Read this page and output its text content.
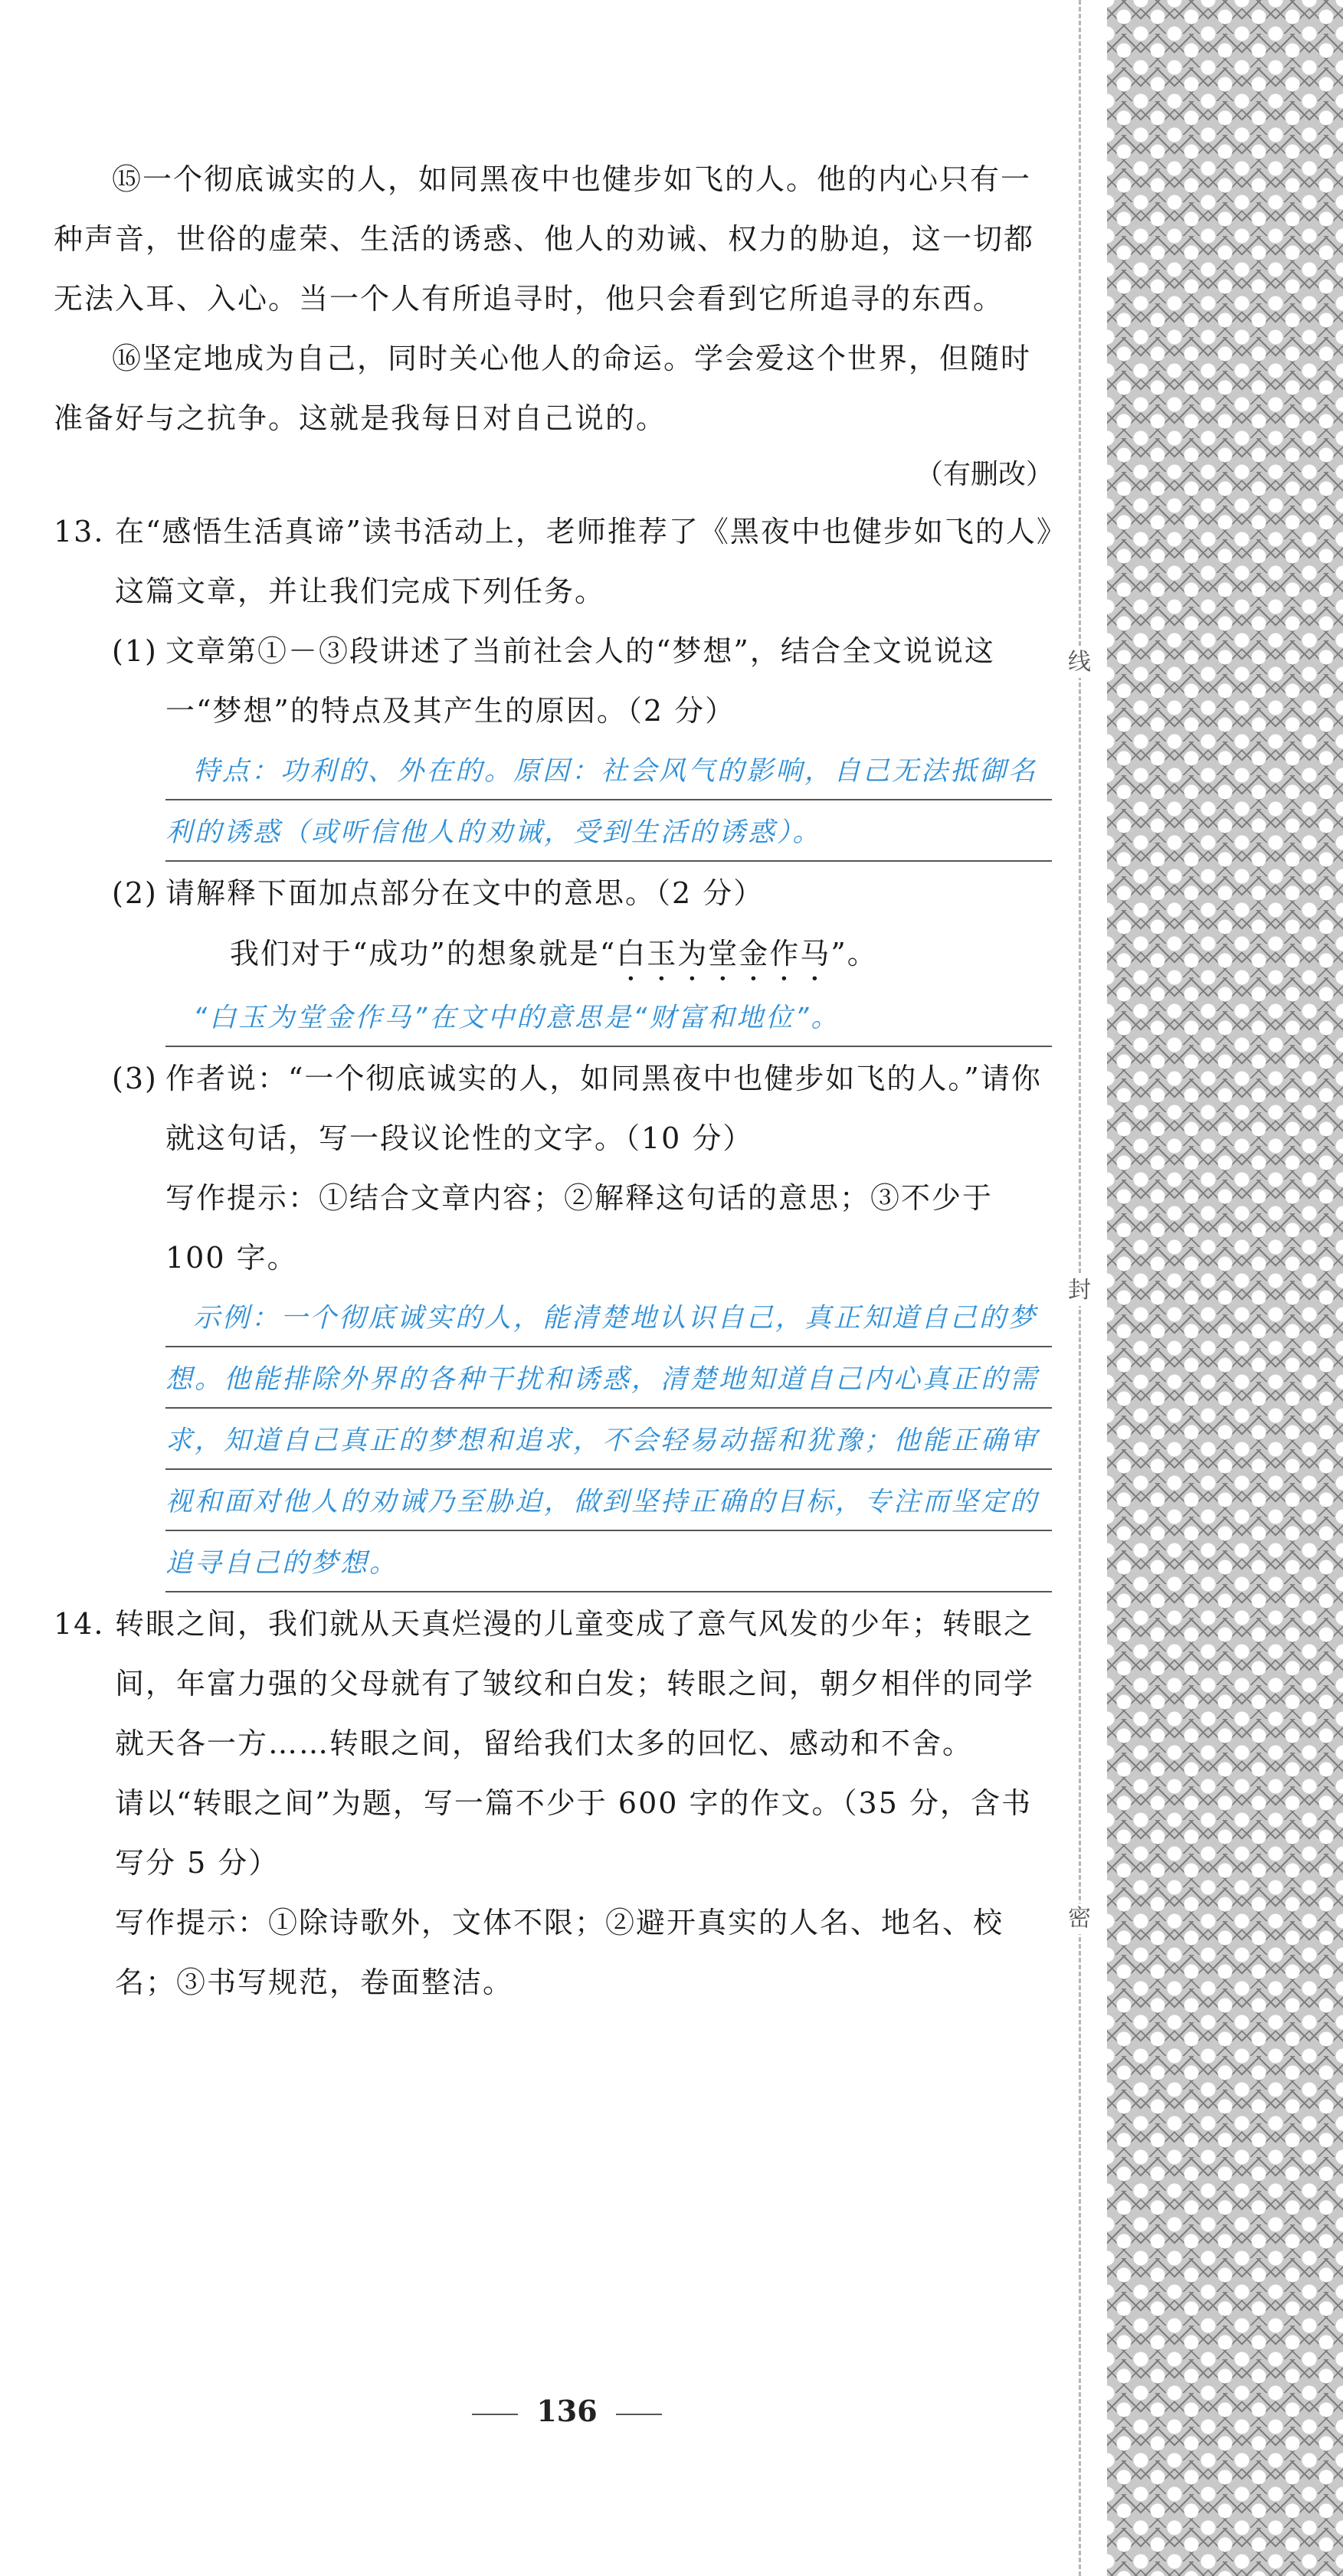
⑮一个彻底诚实的人，如同黑夜中也健步如飞的人。他的内心只有一种声音，世俗的虚荣、生活的诱惑、他人的劝诫、权力的胁迫，这一切都无法入耳、入心。当一个人有所追寻时，他只会看到它所追寻的东西。

⑯坚定地成为自己，同时关心他人的命运。学会爱这个世界，但随时准备好与之抗争。这就是我每日对自己说的。

（有删改）

13. 在“感悟生活真谛”读书活动上，老师推荐了《黑夜中也健步如飞的人》这篇文章，并让我们完成下列任务。

(1) 文章第①－③段讲述了当前社会人的“梦想”，结合全文说说这一“梦想”的特点及其产生的原因。（2 分）

特点：功利的、外在的。原因：社会风气的影响，自己无法抵御名利的诱惑（或听信他人的劝诫，受到生活的诱惑）。

(2) 请解释下面加点部分在文中的意思。（2 分）

我们对于“成功”的想象就是“白玉为堂金作马”。

“白玉为堂金作马”在文中的意思是“财富和地位”。

(3) 作者说：“一个彻底诚实的人，如同黑夜中也健步如飞的人。”请你就这句话，写一段议论性的文字。（10 分）

写作提示：①结合文章内容；②解释这句话的意思；③不少于 100 字。

示例：一个彻底诚实的人，能清楚地认识自己，真正知道自己的梦想。他能排除外界的各种干扰和诱惑，清楚地知道自己内心真正的需求，知道自己真正的梦想和追求，不会轻易动摇和犹豫；他能正确审视和面对他人的劝诫乃至胁迫，做到坚持正确的目标，专注而坚定的追寻自己的梦想。

14. 转眼之间，我们就从天真烂漫的儿童变成了意气风发的少年；转眼之间，年富力强的父母就有了皱纹和白发；转眼之间，朝夕相伴的同学就天各一方……转眼之间，留给我们太多的回忆、感动和不舍。

请以“转眼之间”为题，写一篇不少于 600 字的作文。（35 分，含书写分 5 分）

写作提示：①除诗歌外，文体不限；②避开真实的人名、地名、校名；③书写规范，卷面整洁。

136
线
封
密
